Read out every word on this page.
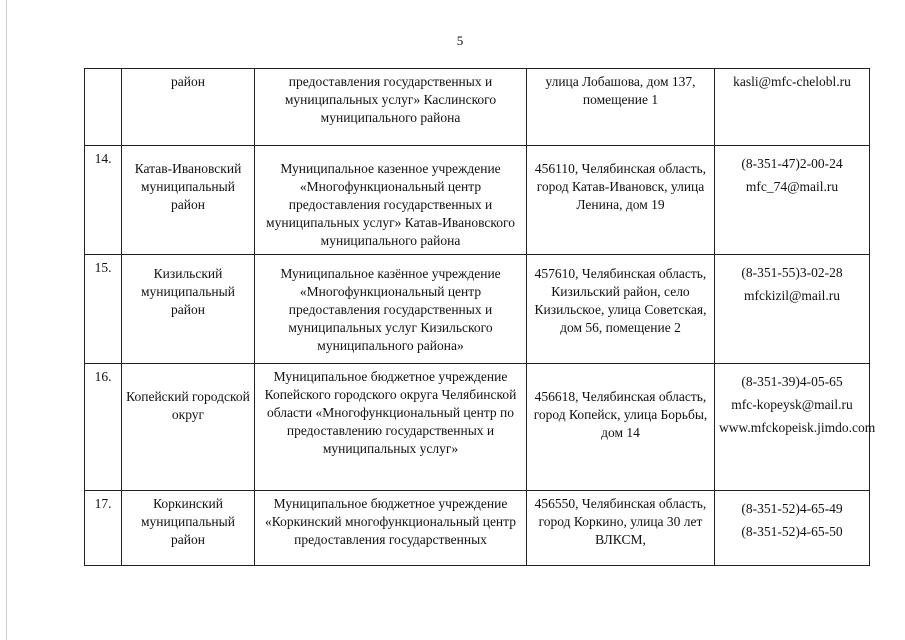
5
	район	предоставления государственных и муниципальных услуг» Каслинского муниципального района	улица Лобашова, дом 137, помещение 1	kasli@mfc-chelobl.ru

14.	Катав-Ивановский муниципальный район	Муниципальное казенное учреждение «Многофункциональный центр предоставления государственных и муниципальных услуг» Катав-Ивановского муниципального района	456110, Челябинская область, город Катав-Ивановск, улица Ленина, дом 19	(8-351-47)2-00-24
mfc_74@mail.ru

15.	Кизильский муниципальный район	Муниципальное казённое учреждение «Многофункциональный центр предоставления государственных и муниципальных услуг Кизильского муниципального района»	457610, Челябинская область, Кизильский район, село Кизильское, улица Советская, дом 56, помещение 2	(8-351-55)3-02-28
mfckizil@mail.ru

16.	Копейский городской округ	Муниципальное бюджетное учреждение Копейского городского округа Челябинской области «Многофункциональный центр по предоставлению государственных и муниципальных услуг»	456618, Челябинская область, город Копейск, улица Борьбы, дом 14	(8-351-39)4-05-65
mfc-kopeysk@mail.ru
www.mfckopeisk.jimdo.com

17.	Коркинский муниципальный район	Муниципальное бюджетное учреждение «Коркинский многофункциональный центр предоставления государственных	456550, Челябинская область, город Коркино, улица 30 лет ВЛКСМ,	(8-351-52)4-65-49
(8-351-52)4-65-50
